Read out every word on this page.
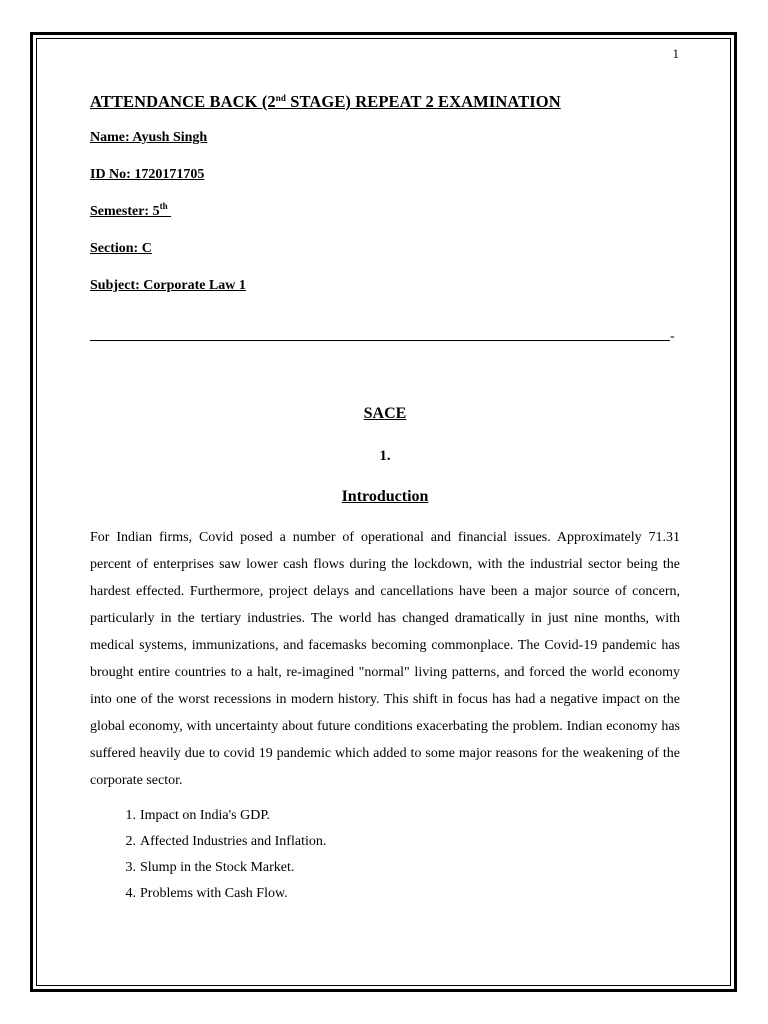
1

ATTENDANCE BACK (2nd STAGE) REPEAT 2 EXAMINATION

Name: Ayush Singh

ID No: 1720171705

Semester: 5th

Section: C

Subject: Corporate Law 1

-
SACE
1.
Introduction

For Indian firms, Covid posed a number of operational and financial issues. Approximately 71.31 percent of enterprises saw lower cash flows during the lockdown, with the industrial sector being the hardest effected. Furthermore, project delays and cancellations have been a major source of concern, particularly in the tertiary industries. The world has changed dramatically in just nine months, with medical systems, immunizations, and facemasks becoming commonplace. The Covid-19 pandemic has brought entire countries to a halt, re-imagined "normal" living patterns, and forced the world economy into one of the worst recessions in modern history. This shift in focus has had a negative impact on the global economy, with uncertainty about future conditions exacerbating the problem. Indian economy has suffered heavily due to covid 19 pandemic which added to some major reasons for the weakening of the corporate sector.

1. Impact on India's GDP.
2. Affected Industries and Inflation.
3. Slump in the Stock Market.
4. Problems with Cash Flow.
